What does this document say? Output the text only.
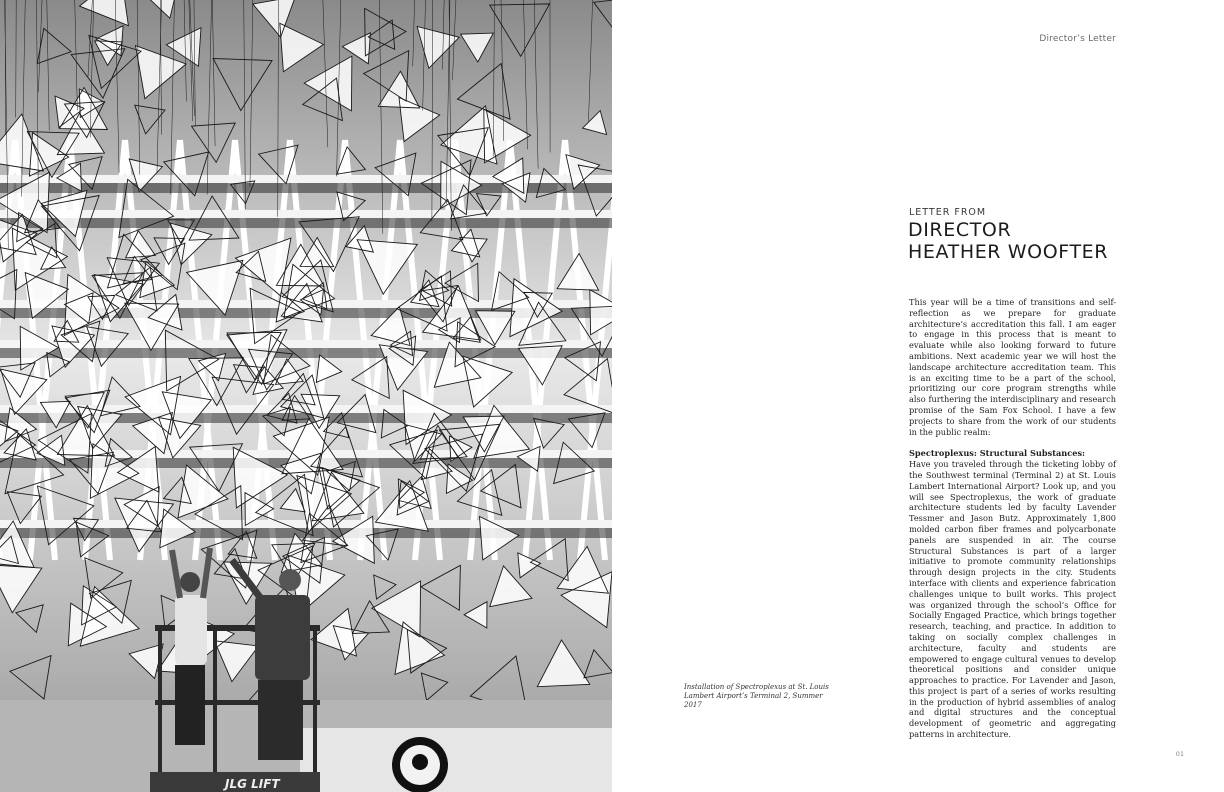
JLG LIFT
Director’s Letter
LETTER FROM
DIRECTOR
HEATHER WOOFTER

This year will be a time of transitions and self-reflection as we prepare for graduate architecture’s accreditation this fall. I am eager to engage in this process that is meant to evaluate while also looking forward to future ambitions. Next academic year we will host the landscape architecture accreditation team. This is an exciting time to be a part of the school, prioritizing our core program strengths while also furthering the interdisciplinary and research promise of the Sam Fox School. I have a few projects to share from the work of our students in the public realm:

Spectroplexus: Structural Substances:

Have you traveled through the ticketing lobby of the Southwest terminal (Terminal 2) at St. Louis Lambert International Airport? Look up, and you will see Spectroplexus, the work of graduate architecture students led by faculty Lavender Tessmer and Jason Butz. Approximately 1,800 molded carbon fiber frames and polycarbonate panels are suspended in air. The course Structural Substances is part of a larger initiative to promote community relationships through design projects in the city. Students interface with clients and experience fabrication challenges unique to built works. This project was organized through the school’s Office for Socially Engaged Practice, which brings together research, teaching, and practice. In addition to taking on socially complex challenges in architecture, faculty and students are empowered to engage cultural venues to develop theoretical positions and consider unique approaches to practice. For Lavender and Jason, this project is part of a series of works resulting in the production of hybrid assemblies of analog and digital structures and the conceptual development of geometric and aggregating patterns in architecture.

Installation of Spectroplexus at St. Louis Lambert Airport’s Terminal 2, Summer 2017
01
